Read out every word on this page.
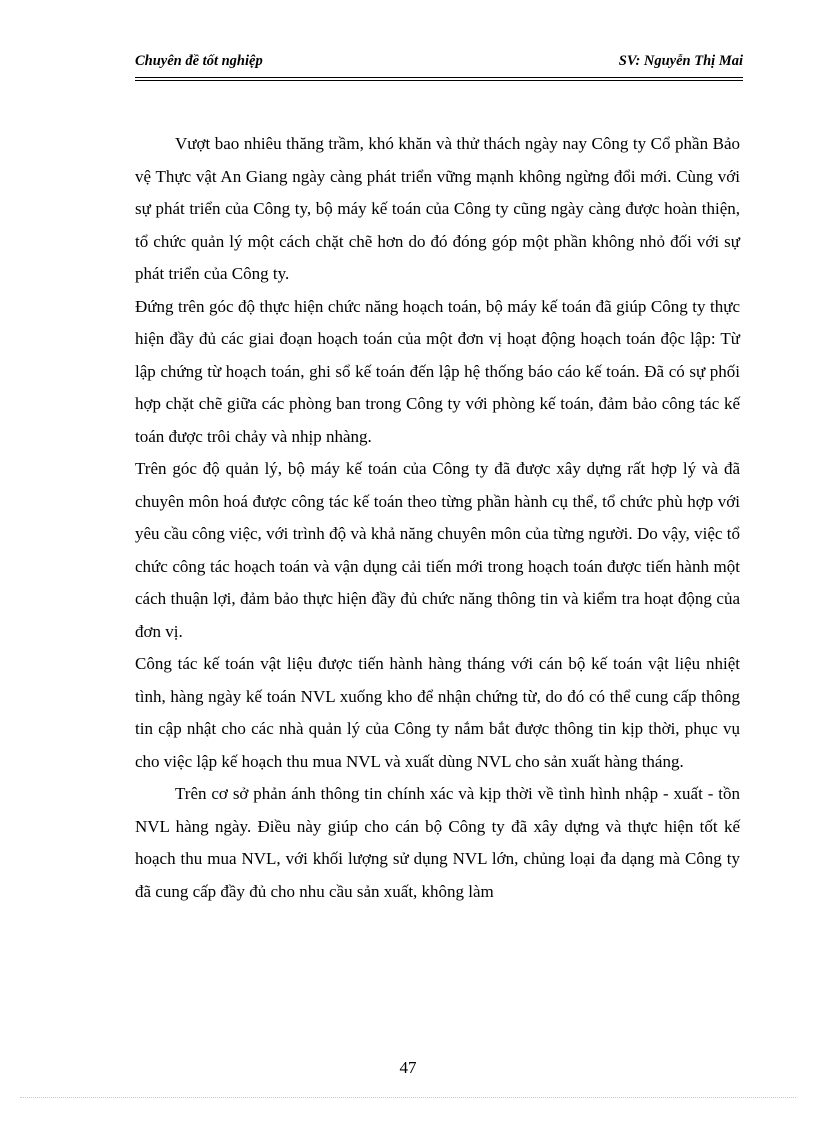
Chuyên đề tốt nghiệp	SV: Nguyễn Thị Mai

Vượt bao nhiêu thăng trầm, khó khăn và thử thách ngày nay Công ty Cổ phần Bảo vệ Thực vật An Giang ngày càng phát triển vững mạnh không ngừng đổi mới. Cùng với sự phát triển của Công ty, bộ máy kế toán của Công ty cũng ngày càng được hoàn thiện, tổ chức quản lý một cách chặt chẽ hơn do đó đóng góp một phần không nhỏ đối với sự phát triển của Công ty.

Đứng trên góc độ thực hiện chức năng hoạch toán, bộ máy kế toán đã giúp Công ty thực hiện đầy đủ các giai đoạn hoạch toán của một đơn vị hoạt động hoạch toán độc lập: Từ lập chứng từ hoạch toán, ghi sổ kế toán đến lập hệ thống báo cáo kế toán. Đã có sự phối hợp chặt chẽ giữa các phòng ban trong Công ty với phòng kế toán, đảm bảo công tác kế toán được trôi chảy và nhịp nhàng.

Trên góc độ quản lý, bộ máy kế toán của Công ty đã được xây dựng rất hợp lý và đã chuyên môn hoá được công tác kế toán theo từng phần hành cụ thể, tổ chức phù hợp với yêu cầu công việc, với trình độ và khả năng chuyên môn của từng người. Do vậy, việc tổ chức công tác hoạch toán và vận dụng cải tiến mới trong hoạch toán được tiến hành một cách thuận lợi, đảm bảo thực hiện đầy đủ chức năng thông tin và kiểm tra hoạt động của đơn vị.

Công tác kế toán vật liệu được tiến hành hàng tháng với cán bộ kế toán vật liệu nhiệt tình, hàng ngày kế toán NVL xuống kho để nhận chứng từ, do đó có thể cung cấp thông tin cập nhật cho các nhà quản lý của Công ty nắm bắt được thông tin kịp thời, phục vụ cho việc lập kế hoạch thu mua NVL và xuất dùng NVL cho sản xuất hàng tháng.

Trên cơ sở phản ánh thông tin chính xác và kịp thời về tình hình nhập - xuất - tồn NVL hàng ngày. Điều này giúp cho cán bộ Công ty đã xây dựng và thực hiện tốt kế hoạch thu mua NVL, với khối lượng sử dụng NVL lớn, chủng loại đa dạng mà Công ty đã cung cấp đầy đủ cho nhu cầu sản xuất, không làm

47
